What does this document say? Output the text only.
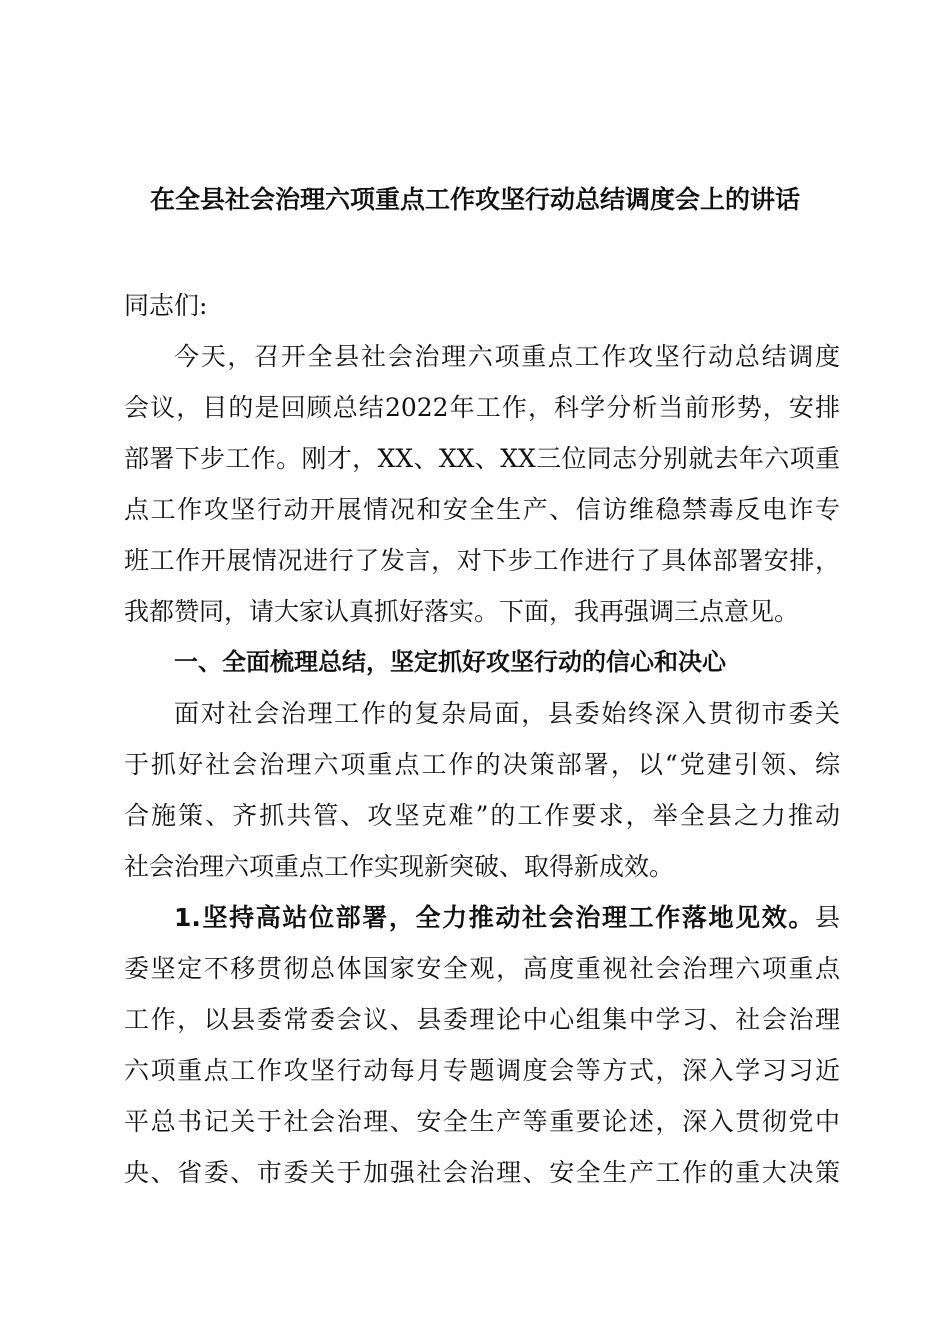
在全县社会治理六项重点工作攻坚行动总结调度会上的讲话
同志们:
今天，召开全县社会治理六项重点工作攻坚行动总结调度
会议，目的是回顾总结2022年工作，科学分析当前形势，安排
部署下步工作。刚才，XX、XX、XX三位同志分别就去年六项重
点工作攻坚行动开展情况和安全生产、信访维稳禁毒反电诈专
班工作开展情况进行了发言，对下步工作进行了具体部署安排，
我都赞同，请大家认真抓好落实。下面，我再强调三点意见。
一、全面梳理总结，坚定抓好攻坚行动的信心和决心
面对社会治理工作的复杂局面，县委始终深入贯彻市委关
于抓好社会治理六项重点工作的决策部署，以“党建引领、综
合施策、齐抓共管、攻坚克难”的工作要求，举全县之力推动
社会治理六项重点工作实现新突破、取得新成效。
1.坚持高站位部署，全力推动社会治理工作落地见效。县
委坚定不移贯彻总体国家安全观，高度重视社会治理六项重点
工作，以县委常委会议、县委理论中心组集中学习、社会治理
六项重点工作攻坚行动每月专题调度会等方式，深入学习习近
平总书记关于社会治理、安全生产等重要论述，深入贯彻党中
央、省委、市委关于加强社会治理、安全生产工作的重大决策
